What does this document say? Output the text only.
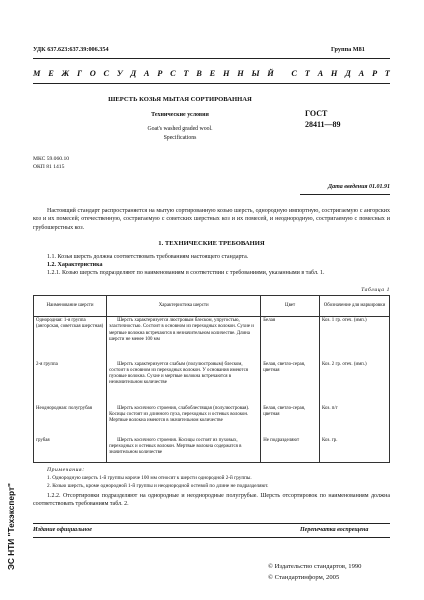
УДК 637.623:637.39:006.354	Группа М81
М Е Ж Г О С У Д А Р С Т В Е Н Н Ы Й
С Т А Н Д А Р Т
ШЕРСТЬ КОЗЬЯ МЫТАЯ СОРТИРОВАННАЯ
Технические условия
Goat's washed graded wool.
Specifications
ГОСТ
28411—89
МКС 59.060.10
ОКП 81 1415
Дата введения 01.01.91
Настоящий стандарт распространяется на мытую сортированную козью шерсть, однородную импортную, состригаемую с ангорских коз и их помесей; отечественную, состригаемую с советских шерстных коз и их помесей, и неоднородную, состригаемую с помесных и грубошерстных коз.
1. ТЕХНИЧЕСКИЕ ТРЕБОВАНИЯ
1.1. Козья шерсть должна соответствовать требованиям настоящего стандарта.
1.2. Характеристика
1.2.1. Козью шерсть подразделяют по наименованиям в соответствии с требованиями, указанными в табл. 1.
Таблица 1
Наименование шерсти	Характеристика шерсти	Цвет	Обозначение для маркировки
Однородная: 1-я группа (ангорская, советская шерстная)	Шерсть характеризуется люстровым блеском, упругостью, эластичностью. Состоит в основном из переходных волокон. Сухие и мертвые волокна встречаются в незначительном количестве. Длина шерсти не менее 100 мм	Белая	Коз. 1 гр. отеч. (имп.)
2-я группа	Шерсть характеризуется слабым (полулюстровым) блеском, состоит в основном из переходных волокон. У основания имеются пуховые волокна. Сухие и мертвые волокна встречаются в незначительном количестве	Белая, светло-серая, цветная	Коз. 2 гр. отеч. (имп.)
Неоднородная: полугрубая	Шерсть косичного строения, слабоблестящая (полулюстровая). Косицы состоят из длинного пуха, переходных и остевых волокон. Мертвые волокна имеются в значительном количестве	Белая, светло-серая, цветная	Коз. п/г
грубая	Шерсть косичного строения. Косицы состоят из пуховых, переходных и остевых волокон. Мертвые волокна содержатся в значительном количестве	Не подразделяют	Коз. гр.
Примечания:
1. Однородную шерсть 1-й группы короче 100 мм относят к шерсти однородной 2-й группы.
2. Козью шерсть, кроме однородной 1-й группы и неоднородной остевой по длине не подразделяют.
1.2.2. Отсортировки подразделяют на однородные и неоднородные полугрубые. Шерсть отсортировок по наименованиям должна соответствовать требованиям табл. 2.
Издание официальное	Перепечатка воспрещена
© Издательство стандартов, 1990
© Стандартинформ, 2005
ЭС НТИ "Техэксперт"
